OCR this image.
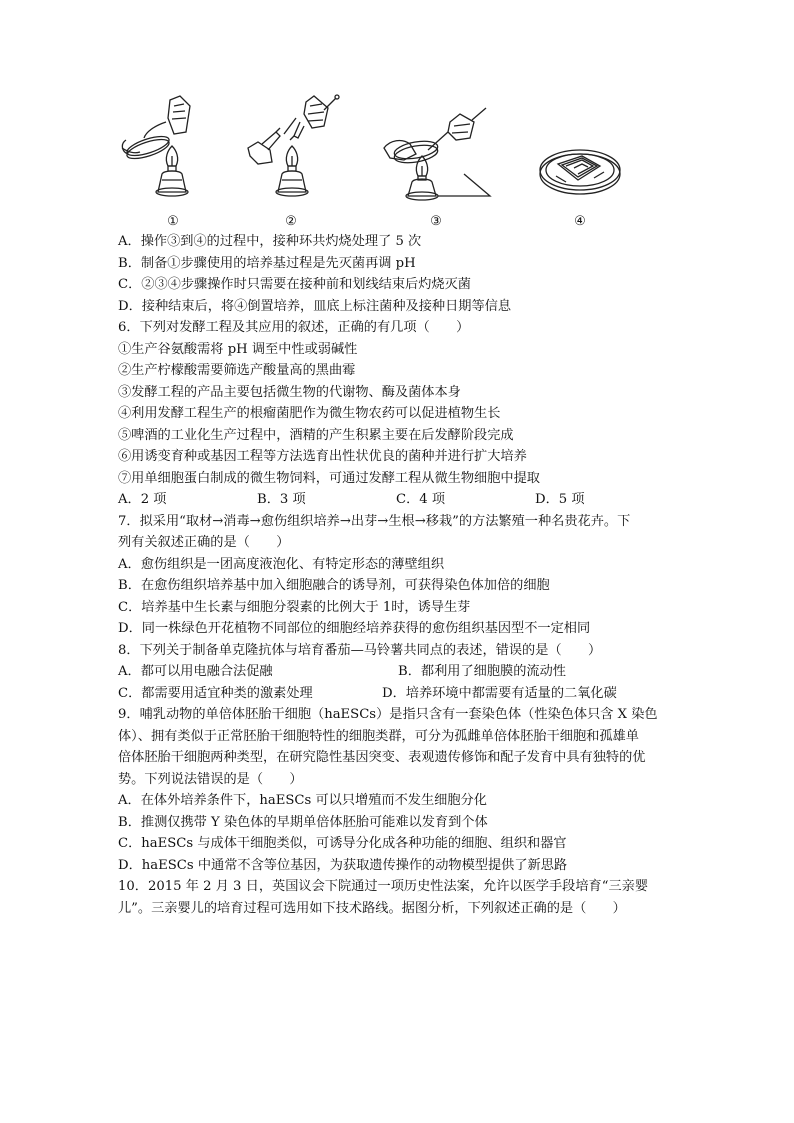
①	②	③	④
A．操作③到④的过程中，接种环共灼烧处理了 5 次
B．制备①步骤使用的培养基过程是先灭菌再调 pH
C．②③④步骤操作时只需要在接种前和划线结束后灼烧灭菌
D．接种结束后，将④倒置培养，皿底上标注菌种及接种日期等信息
6．下列对发酵工程及其应用的叙述，正确的有几项（　　）
①生产谷氨酸需将 pH 调至中性或弱碱性
②生产柠檬酸需要筛选产酸量高的黑曲霉
③发酵工程的产品主要包括微生物的代谢物、酶及菌体本身
④利用发酵工程生产的根瘤菌肥作为微生物农药可以促进植物生长
⑤啤酒的工业化生产过程中，酒精的产生积累主要在后发酵阶段完成
⑥用诱变育种或基因工程等方法选育出性状优良的菌种并进行扩大培养
⑦用单细胞蛋白制成的微生物饲料，可通过发酵工程从微生物细胞中提取
A．2 项	B．3 项	C．4 项	D．5 项
7．拟采用“取材→消毒→愈伤组织培养→出芽→生根→移栽”的方法繁殖一种名贵花卉。下
列有关叙述正确的是（　　）
A．愈伤组织是一团高度液泡化、有特定形态的薄壁组织
B．在愈伤组织培养基中加入细胞融合的诱导剂，可获得染色体加倍的细胞
C．培养基中生长素与细胞分裂素的比例大于 1时，诱导生芽
D．同一株绿色开花植物不同部位的细胞经培养获得的愈伤组织基因型不一定相同
8．下列关于制备单克隆抗体与培育番茄—马铃薯共同点的表述，错误的是（　　）
A．都可以用电融合法促融	B．都利用了细胞膜的流动性
C．都需要用适宜种类的激素处理	D．培养环境中都需要有适量的二氧化碳
9．哺乳动物的单倍体胚胎干细胞（haESCs）是指只含有一套染色体（性染色体只含 X 染色
体）、拥有类似于正常胚胎干细胞特性的细胞类群，可分为孤雌单倍体胚胎干细胞和孤雄单
倍体胚胎干细胞两种类型，在研究隐性基因突变、表观遗传修饰和配子发育中具有独特的优
势。下列说法错误的是（　　）
A．在体外培养条件下，haESCs 可以只增殖而不发生细胞分化
B．推测仅携带 Y 染色体的早期单倍体胚胎可能难以发育到个体
C．haESCs 与成体干细胞类似，可诱导分化成各种功能的细胞、组织和器官
D．haESCs 中通常不含等位基因，为获取遗传操作的动物模型提供了新思路
10．2015 年 2 月 3 日，英国议会下院通过一项历史性法案，允许以医学手段培育“三亲婴
儿”。三亲婴儿的培育过程可选用如下技术路线。据图分析，下列叙述正确的是（　　）
